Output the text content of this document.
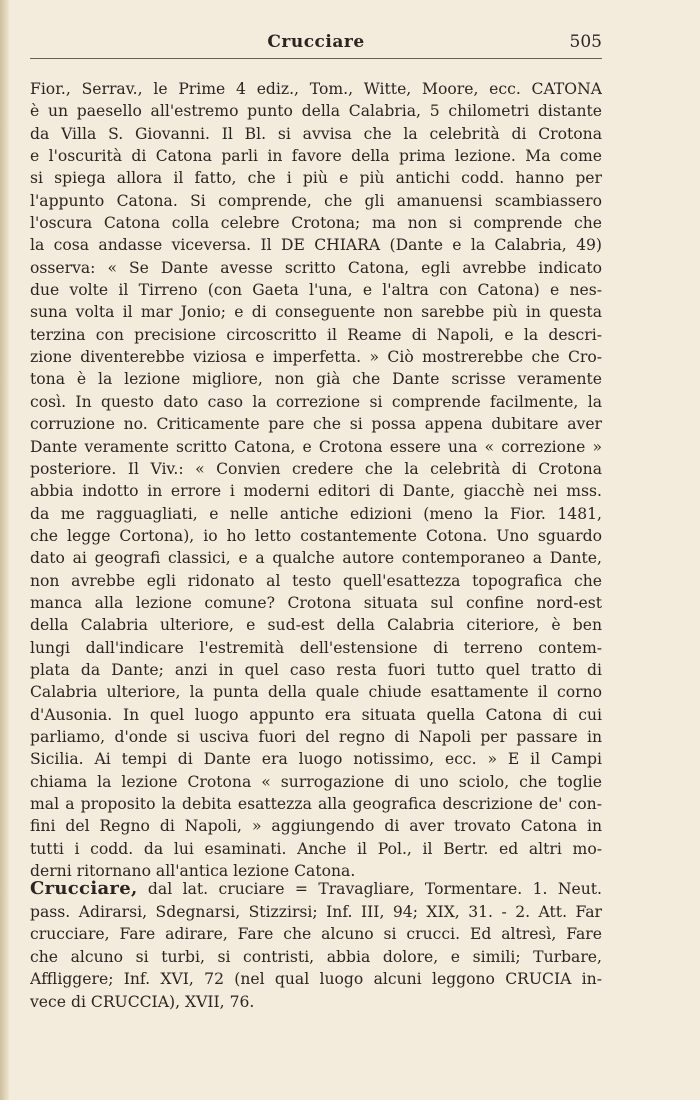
Crucciare	505
Fior., Serrav., le Prime 4 ediz., Tom., Witte, Moore, ecc. CATONA
è un paesello all'estremo punto della Calabria, 5 chilometri distante
da Villa S. Giovanni. Il Bl. si avvisa che la celebrità di Crotona
e l'oscurità di Catona parli in favore della prima lezione. Ma come
si spiega allora il fatto, che i più e più antichi codd. hanno per
l'appunto Catona. Si comprende, che gli amanuensi scambiassero
l'oscura Catona colla celebre Crotona; ma non si comprende che
la cosa andasse viceversa. Il DE CHIARA (Dante e la Calabria, 49)
osserva: « Se Dante avesse scritto Catona, egli avrebbe indicato
due volte il Tirreno (con Gaeta l'una, e l'altra con Catona) e nes-
suna volta il mar Jonio; e di conseguente non sarebbe più in questa
terzina con precisione circoscritto il Reame di Napoli, e la descri-
zione diventerebbe viziosa e imperfetta. » Ciò mostrerebbe che Cro-
tona è la lezione migliore, non già che Dante scrisse veramente
così. In questo dato caso la correzione si comprende facilmente, la
corruzione no. Criticamente pare che si possa appena dubitare aver
Dante veramente scritto Catona, e Crotona essere una « correzione »
posteriore. Il Viv.: « Convien credere che la celebrità di Crotona
abbia indotto in errore i moderni editori di Dante, giacchè nei mss.
da me ragguagliati, e nelle antiche edizioni (meno la Fior. 1481,
che legge Cortona), io ho letto costantemente Cotona. Uno sguardo
dato ai geografi classici, e a qualche autore contemporaneo a Dante,
non avrebbe egli ridonato al testo quell'esattezza topografica che
manca alla lezione comune? Crotona situata sul confine nord-est
della Calabria ulteriore, e sud-est della Calabria citeriore, è ben
lungi dall'indicare l'estremità dell'estensione di terreno contem-
plata da Dante; anzi in quel caso resta fuori tutto quel tratto di
Calabria ulteriore, la punta della quale chiude esattamente il corno
d'Ausonia. In quel luogo appunto era situata quella Catona di cui
parliamo, d'onde si usciva fuori del regno di Napoli per passare in
Sicilia. Ai tempi di Dante era luogo notissimo, ecc. » E il Campi
chiama la lezione Crotona « surrogazione di uno sciolo, che toglie
mal a proposito la debita esattezza alla geografica descrizione de' con-
fini del Regno di Napoli, » aggiungendo di aver trovato Catona in
tutti i codd. da lui esaminati. Anche il Pol., il Bertr. ed altri mo-
derni ritornano all'antica lezione Catona.
Crucciare, dal lat. cruciare = Travagliare, Tormentare. 1. Neut.
pass. Adirarsi, Sdegnarsi, Stizzirsi; Inf. III, 94; XIX, 31. - 2. Att. Far
crucciare, Fare adirare, Fare che alcuno si crucci. Ed altresì, Fare
che alcuno si turbi, si contristi, abbia dolore, e simili; Turbare,
Affliggere; Inf. XVI, 72 (nel qual luogo alcuni leggono CRUCIA in-
vece di CRUCCIA), XVII, 76.
